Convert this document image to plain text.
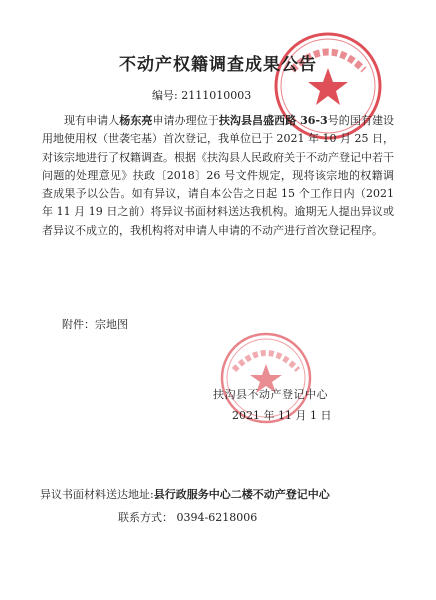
不动产权籍调查成果公告
编号: 2111010003

现有申请人杨东亮申请办理位于扶沟县昌盛西路 36-3号的国有建设用地使用权（世袭宅基）首次登记，我单位已于 2021 年 10 月 25 日，对该宗地进行了权籍调查。根据《扶沟县人民政府关于不动产登记中若干问题的处理意见》扶政〔2018〕26 号文件规定，现将该宗地的权籍调查成果予以公告。如有异议，请自本公告之日起 15 个工作日内（2021 年 11 月 19 日之前）将异议书面材料送达我机构。逾期无人提出异议或者异议不成立的，我机构将对申请人申请的不动产进行首次登记程序。

附件：宗地图
扶沟县不动产登记中心
2021 年 11 月 1 日
异议书面材料送达地址:县行政服务中心二楼不动产登记中心
联系方式： 0394-6218006
